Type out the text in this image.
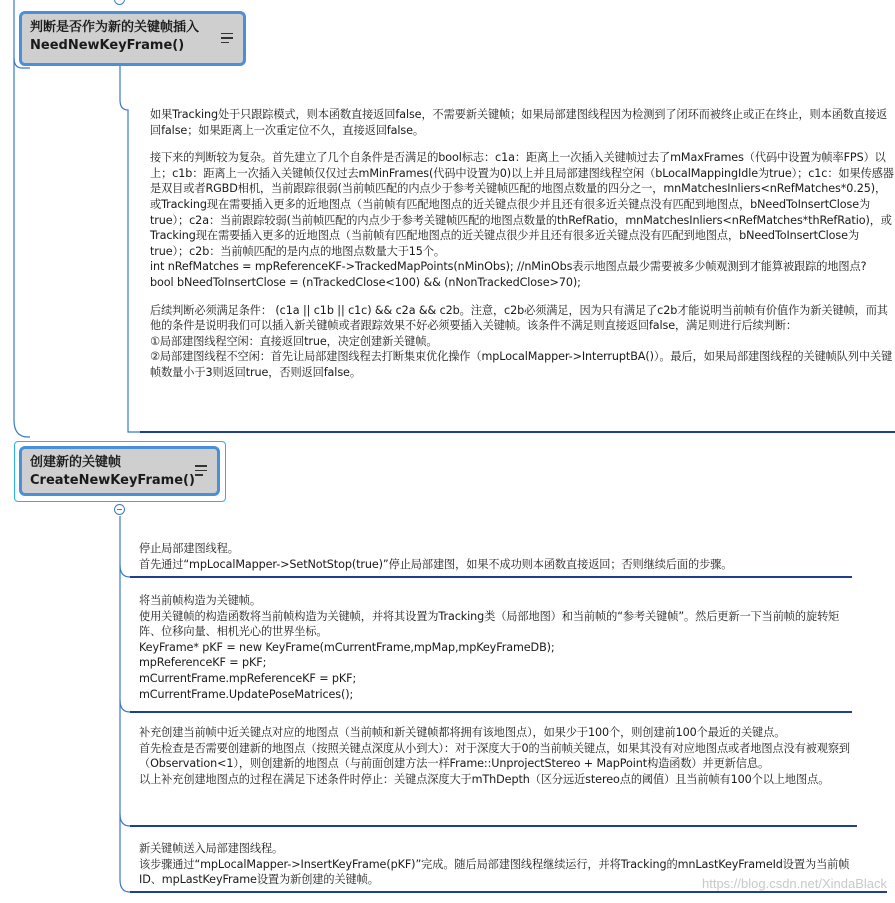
判断是否作为新的关键帧插入
NeedNewKeyFrame()

如果Tracking处于只跟踪模式，则本函数直接返回false，不需要新关键帧；如果局部建图线程因为检测到了闭环而被终止或正在终止，则本函数直接返回false；如果距离上一次重定位不久，直接返回false。

接下来的判断较为复杂。首先建立了几个自条件是否满足的bool标志：c1a：距离上一次插入关键帧过去了mMaxFrames（代码中设置为帧率FPS）以上；c1b：距离上一次插入关键帧仅仅过去mMinFrames(代码中设置为0)以上并且局部建图线程空闲（bLocalMappingIdle为true）；c1c：如果传感器是双目或者RGBD相机，当前跟踪很弱(当前帧匹配的内点少于参考关键帧匹配的地图点数量的四分之一，mnMatchesInliers<nRefMatches*0.25)，或Tracking现在需要插入更多的近地图点（当前帧有匹配地图点的近关键点很少并且还有很多近关键点没有匹配到地图点，bNeedToInsertClose为true）；c2a：当前跟踪较弱(当前帧匹配的内点少于参考关键帧匹配的地图点数量的thRefRatio，mnMatchesInliers<nRefMatches*thRefRatio)，或Tracking现在需要插入更多的近地图点（当前帧有匹配地图点的近关键点很少并且还有很多近关键点没有匹配到地图点，bNeedToInsertClose为true）；c2b：当前帧匹配的是内点的地图点数量大于15个。

int nRefMatches = mpReferenceKF->TrackedMapPoints(nMinObs); //nMinObs表示地图点最少需要被多少帧观测到才能算被跟踪的地图点?

bool bNeedToInsertClose = (nTrackedClose<100) && (nNonTrackedClose>70);

后续判断必须满足条件： (c1a || c1b || c1c) && c2a && c2b。注意，c2b必须满足，因为只有满足了c2b才能说明当前帧有价值作为新关键帧，而其他的条件是说明我们可以插入新关键帧或者跟踪效果不好必须要插入关键帧。该条件不满足则直接返回false，满足则进行后续判断：

①局部建图线程空闲：直接返回true，决定创建新关键帧。

②局部建图线程不空闲：首先让局部建图线程去打断集束优化操作（mpLocalMapper->InterruptBA()）。最后，如果局部建图线程的关键帧队列中关键帧数量小于3则返回true，否则返回false。

创建新的关键帧
CreateNewKeyFrame()

停止局部建图线程。

首先通过“mpLocalMapper->SetNotStop(true)”停止局部建图，如果不成功则本函数直接返回；否则继续后面的步骤。

将当前帧构造为关键帧。

使用关键帧的构造函数将当前帧构造为关键帧，并将其设置为Tracking类（局部地图）和当前帧的“参考关键帧”。然后更新一下当前帧的旋转矩阵、位移向量、相机光心的世界坐标。

KeyFrame* pKF = new KeyFrame(mCurrentFrame,mpMap,mpKeyFrameDB);

mpReferenceKF = pKF;

mCurrentFrame.mpReferenceKF = pKF;

mCurrentFrame.UpdatePoseMatrices();

补充创建当前帧中近关键点对应的地图点（当前帧和新关键帧都将拥有该地图点），如果少于100个，则创建前100个最近的关键点。

首先检查是否需要创建新的地图点（按照关键点深度从小到大）：对于深度大于0的当前帧关键点，如果其没有对应地图点或者地图点没有被观察到（Observation<1），则创建新的地图点（与前面创建方法一样Frame::UnprojectStereo + MapPoint构造函数）并更新信息。

以上补充创建地图点的过程在满足下述条件时停止：关键点深度大于mThDepth（区分远近stereo点的阈值）且当前帧有100个以上地图点。

新关键帧送入局部建图线程。

该步骤通过“mpLocalMapper->InsertKeyFrame(pKF)”完成。随后局部建图线程继续运行，并将Tracking的mnLastKeyFrameId设置为当前帧ID、mpLastKeyFrame设置为新创建的关键帧。	https://blog.csdn.net/XindaBlack
